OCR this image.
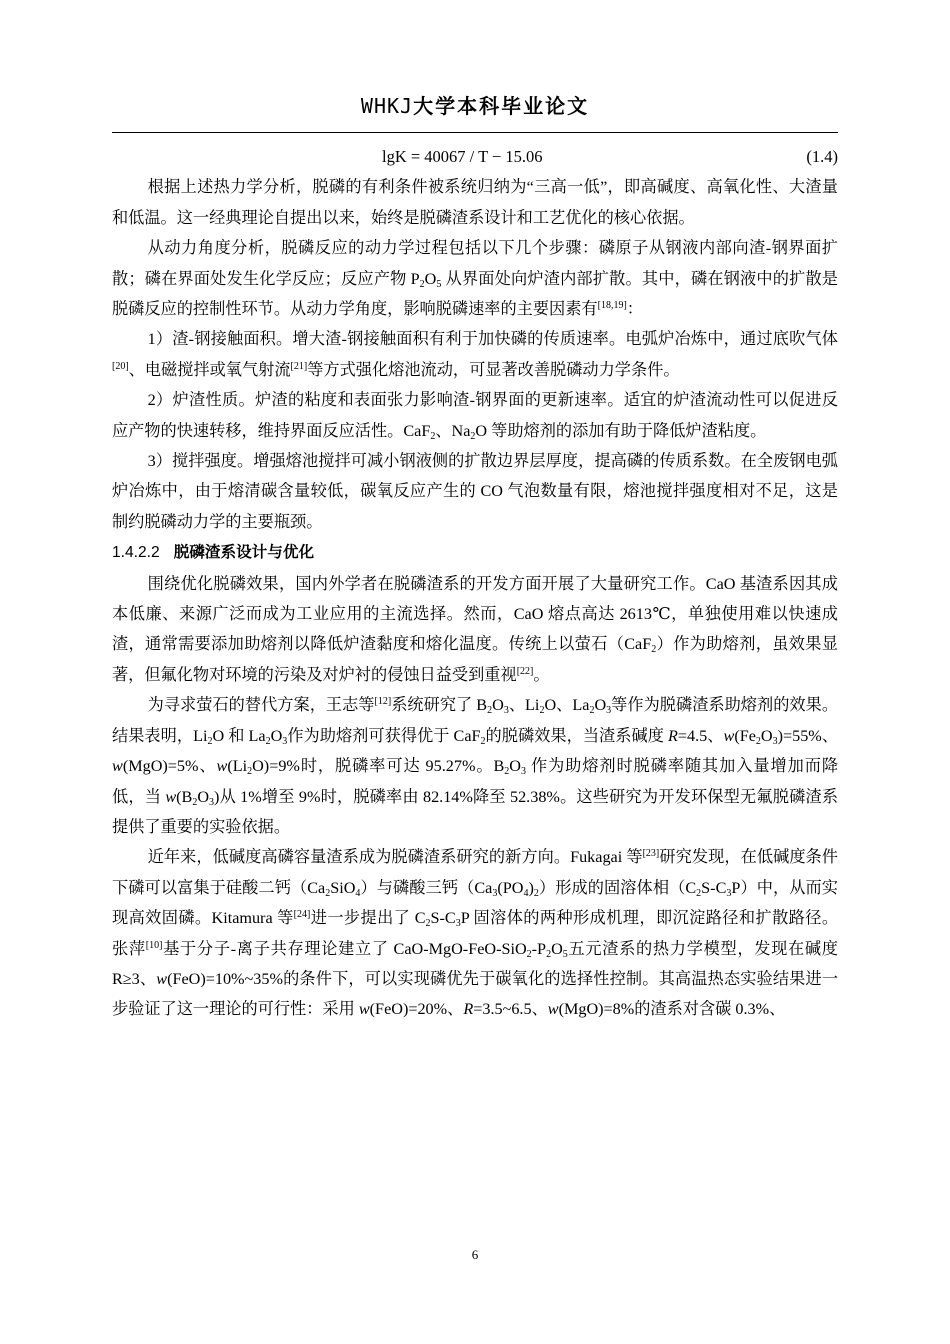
WHKJ大学本科毕业论文
lgK = 40067 / T − 15.06	(1.4)

根据上述热力学分析，脱磷的有利条件被系统归纳为“三高一低”，即高碱度、高氧化性、大渣量和低温。这一经典理论自提出以来，始终是脱磷渣系设计和工艺优化的核心依据。

从动力角度分析，脱磷反应的动力学过程包括以下几个步骤：磷原子从钢液内部向渣-钢界面扩散；磷在界面处发生化学反应；反应产物 $P_2O_5$ 从界面处向炉渣内部扩散。其中，磷在钢液中的扩散是脱磷反应的控制性环节。从动力学角度，影响脱磷速率的主要因素有[18,19]：

1）渣-钢接触面积。增大渣-钢接触面积有利于加快磷的传质速率。电弧炉冶炼中，通过底吹气体[20]、电磁搅拌或氧气射流[21]等方式强化熔池流动，可显著改善脱磷动力学条件。

2）炉渣性质。炉渣的粘度和表面张力影响渣-钢界面的更新速率。适宜的炉渣流动性可以促进反应产物的快速转移，维持界面反应活性。CaF$_2$、$Na_2O$ 等助熔剂的添加有助于降低炉渣粘度。

3）搅拌强度。增强熔池搅拌可减小钢液侧的扩散边界层厚度，提高磷的传质系数。在全废钢电弧炉冶炼中，由于熔清碳含量较低，碳氧反应产生的 CO 气泡数量有限，熔池搅拌强度相对不足，这是制约脱磷动力学的主要瓶颈。

1.4.2.2 脱磷渣系设计与优化

围绕优化脱磷效果，国内外学者在脱磷渣系的开发方面开展了大量研究工作。CaO 基渣系因其成本低廉、来源广泛而成为工业应用的主流选择。然而，CaO 熔点高达 2613℃，单独使用难以快速成渣，通常需要添加助熔剂以降低炉渣黏度和熔化温度。传统上以萤石（CaF$_2$）作为助熔剂，虽效果显著，但氟化物对环境的污染及对炉衬的侵蚀日益受到重视[22]。

为寻求萤石的替代方案，王志等[12]系统研究了 $B_2O_3$、$Li_2O$、$La_2O_3$等作为脱磷渣系助熔剂的效果。结果表明，$Li_2O$ 和 $La_2O_3$作为助熔剂可获得优于 CaF$_2$的脱磷效果，当渣系碱度 R=4.5、$w(Fe_2O_3)=55\%$、w(MgO)=5%、$w(Li_2O)=9\%$时，脱磷率可达 95.27%。$B_2O_3$ 作为助熔剂时脱磷率随其加入量增加而降低，当 $w(B_2O_3)$从 1%增至 9%时，脱磷率由 82.14%降至 52.38%。这些研究为开发环保型无氟脱磷渣系提供了重要的实验依据。

近年来，低碱度高磷容量渣系成为脱磷渣系研究的新方向。Fukagai 等[23]研究发现，在低碱度条件下磷可以富集于硅酸二钙$(Ca_2SiO_4)$与磷酸三钙$(Ca_3(PO_4)_2)$形成的固溶体相$(C_2S-C_3P)$中，从而实现高效固磷。Kitamura 等[24]进一步提出了 $C_2S-C_3P$ 固溶体的两种形成机理，即沉淀路径和扩散路径。张萍[10]基于分子-离子共存理论建立了 CaO-$MgO-FeO-SiO_2-P_2O_5$五元渣系的热力学模型，发现在碱度 R≥3、w(FeO)=10%~35%的条件下，可以实现磷优先于碳氧化的选择性控制。其高温热态实验结果进一步验证了这一理论的可行性：采用 w(FeO)=20%、R=3.5~6.5、w(MgO)=8%的渣系对含碳 0.3%、

6
